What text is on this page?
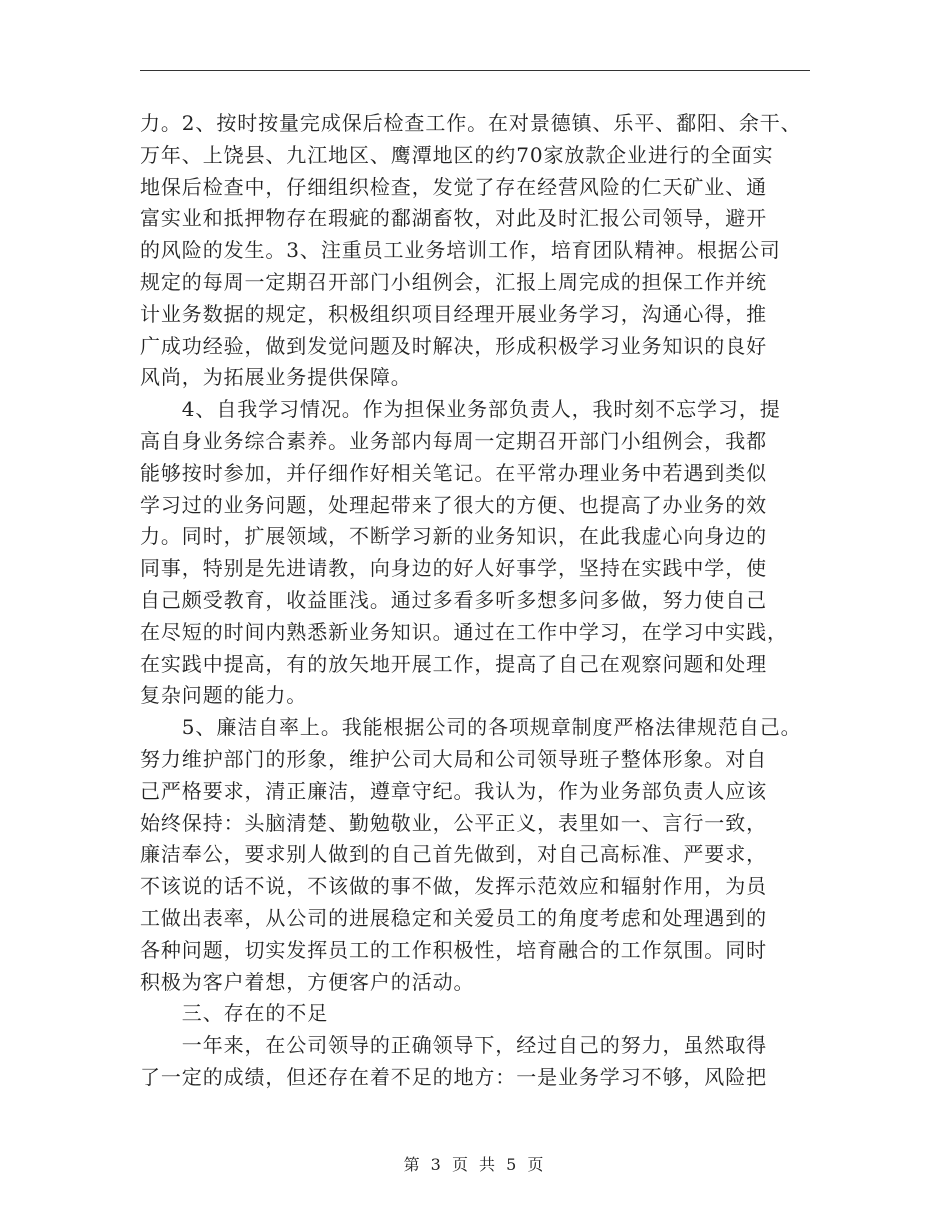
力。2、按时按量完成保后检查工作。在对景德镇、乐平、鄱阳、余干、
万年、上饶县、九江地区、鹰潭地区的约70家放款企业进行的全面实
地保后检查中，仔细组织检查，发觉了存在经营风险的仁天矿业、通
富实业和抵押物存在瑕疵的鄱湖畜牧，对此及时汇报公司领导，避开
的风险的发生。3、注重员工业务培训工作，培育团队精神。根据公司
规定的每周一定期召开部门小组例会，汇报上周完成的担保工作并统
计业务数据的规定，积极组织项目经理开展业务学习，沟通心得，推
广成功经验，做到发觉问题及时解决，形成积极学习业务知识的良好
风尚，为拓展业务提供保障。
　　4、自我学习情况。作为担保业务部负责人，我时刻不忘学习，提
高自身业务综合素养。业务部内每周一定期召开部门小组例会，我都
能够按时参加，并仔细作好相关笔记。在平常办理业务中若遇到类似
学习过的业务问题，处理起带来了很大的方便、也提高了办业务的效
力。同时，扩展领域，不断学习新的业务知识，在此我虚心向身边的
同事，特别是先进请教，向身边的好人好事学，坚持在实践中学，使
自己颇受教育，收益匪浅。通过多看多听多想多问多做，努力使自己
在尽短的时间内熟悉新业务知识。通过在工作中学习，在学习中实践，
在实践中提高，有的放矢地开展工作，提高了自己在观察问题和处理
复杂问题的能力。
　　5、廉洁自率上。我能根据公司的各项规章制度严格法律规范自己。
努力维护部门的形象，维护公司大局和公司领导班子整体形象。对自
己严格要求，清正廉洁，遵章守纪。我认为，作为业务部负责人应该
始终保持：头脑清楚、勤勉敬业，公平正义，表里如一、言行一致，
廉洁奉公，要求别人做到的自己首先做到，对自己高标准、严要求，
不该说的话不说，不该做的事不做，发挥示范效应和辐射作用，为员
工做出表率，从公司的进展稳定和关爱员工的角度考虑和处理遇到的
各种问题，切实发挥员工的工作积极性，培育融合的工作氛围。同时
积极为客户着想，方便客户的活动。
　　三、存在的不足
　　一年来，在公司领导的正确领导下，经过自己的努力，虽然取得
了一定的成绩，但还存在着不足的地方：一是业务学习不够，风险把
第 3 页 共 5 页
